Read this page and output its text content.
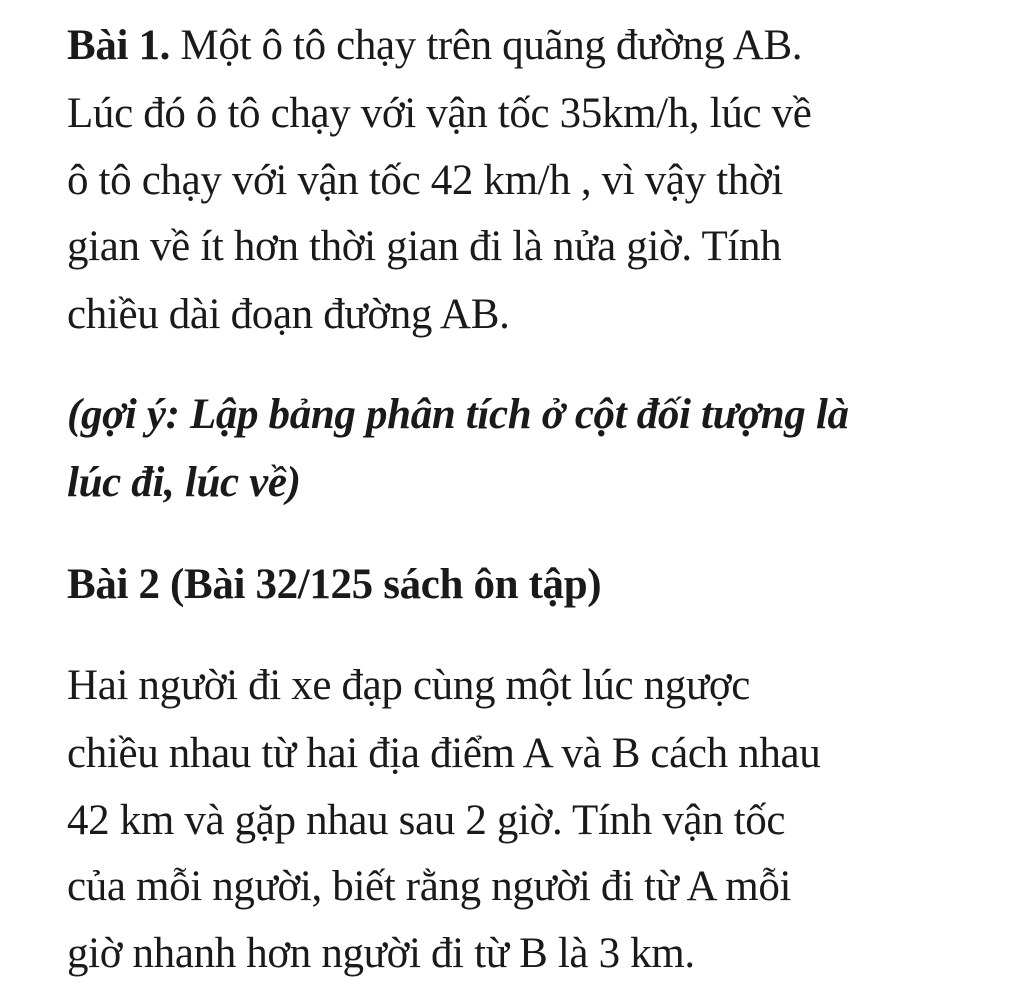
Bài 1. Một ô tô chạy trên quãng đường AB.
Lúc đó ô tô chạy với vận tốc 35km/h, lúc về
ô tô chạy với vận tốc 42 km/h , vì vậy thời
gian về ít hơn thời gian đi là nửa giờ. Tính
chiều dài đoạn đường AB.
(gợi ý: Lập bảng phân tích ở cột đối tượng là
lúc đi, lúc về)
Bài 2 (Bài 32/125 sách ôn tập)
Hai người đi xe đạp cùng một lúc ngược
chiều nhau từ hai địa điểm A và B cách nhau
42 km và gặp nhau sau 2 giờ. Tính vận tốc
của mỗi người, biết rằng người đi từ A mỗi
giờ nhanh hơn người đi từ B là 3 km.
